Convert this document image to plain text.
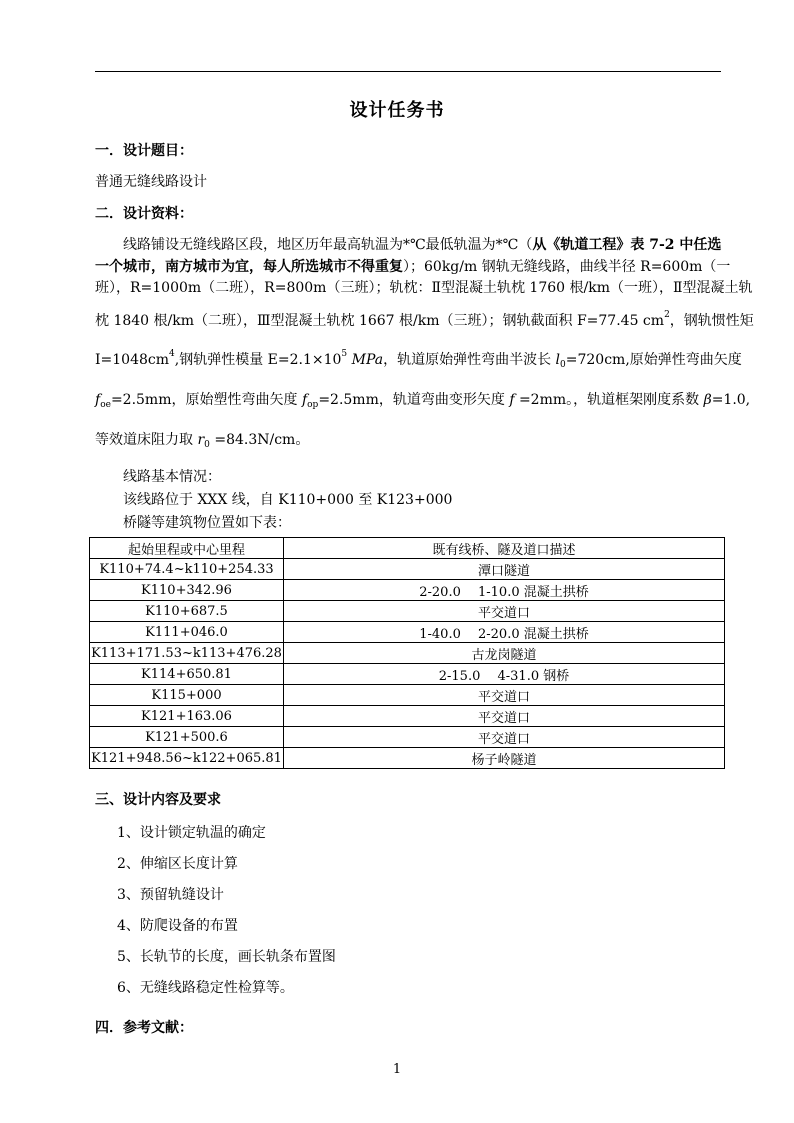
设计任务书
一．设计题目：
普通无缝线路设计
二．设计资料：
线路铺设无缝线路区段，地区历年最高轨温为*℃最低轨温为*℃（从《轨道工程》表 7-2 中任选
一个城市，南方城市为宜，每人所选城市不得重复）；60kg/m 钢轨无缝线路，曲线半径 R=600m（一
班），R=1000m（二班），R=800m（三班）；轨枕：Ⅱ型混凝土轨枕 1760 根/km（一班），Ⅱ型混凝土轨
枕 1840 根/km（二班），Ⅲ型混凝土轨枕 1667 根/km（三班）；钢轨截面积 F=77.45 $cm^2$，钢轨惯性矩
$I=1048cm^4$,钢轨弹性模量 $E=2.1\times 10^5$ MPa，轨道原始弹性弯曲半波长 $l_0=720cm$,原始弹性弯曲矢度
$f_{oe}=2.5mm$，原始塑性弯曲矢度 $f_{op}=2.5mm$，轨道弯曲变形矢度 f =2mm。，轨道框架刚度系数 β=1.0,
等效道床阻力取 $r_0 =84.3N/cm$。
线路基本情况：
该线路位于 XXX 线，自 K110+000 至 K123+000
桥隧等建筑物位置如下表：
起始里程或中心里程	既有线桥、隧及道口描述
K110+74.4~k110+254.33	潭口隧道
K110+342.96	2-20.0　 1-10.0 混凝土拱桥
K110+687.5	平交道口
K111+046.0	1-40.0　 2-20.0 混凝土拱桥
K113+171.53~k113+476.28	古龙岗隧道
K114+650.81	2-15.0　 4-31.0 钢桥
K115+000	平交道口
K121+163.06	平交道口
K121+500.6	平交道口
K121+948.56~k122+065.81	杨子岭隧道
三、设计内容及要求
1、设计锁定轨温的确定
2、伸缩区长度计算
3、预留轨缝设计
4、防爬设备的布置
5、长轨节的长度，画长轨条布置图
6、无缝线路稳定性检算等。
四．参考文献：
1
